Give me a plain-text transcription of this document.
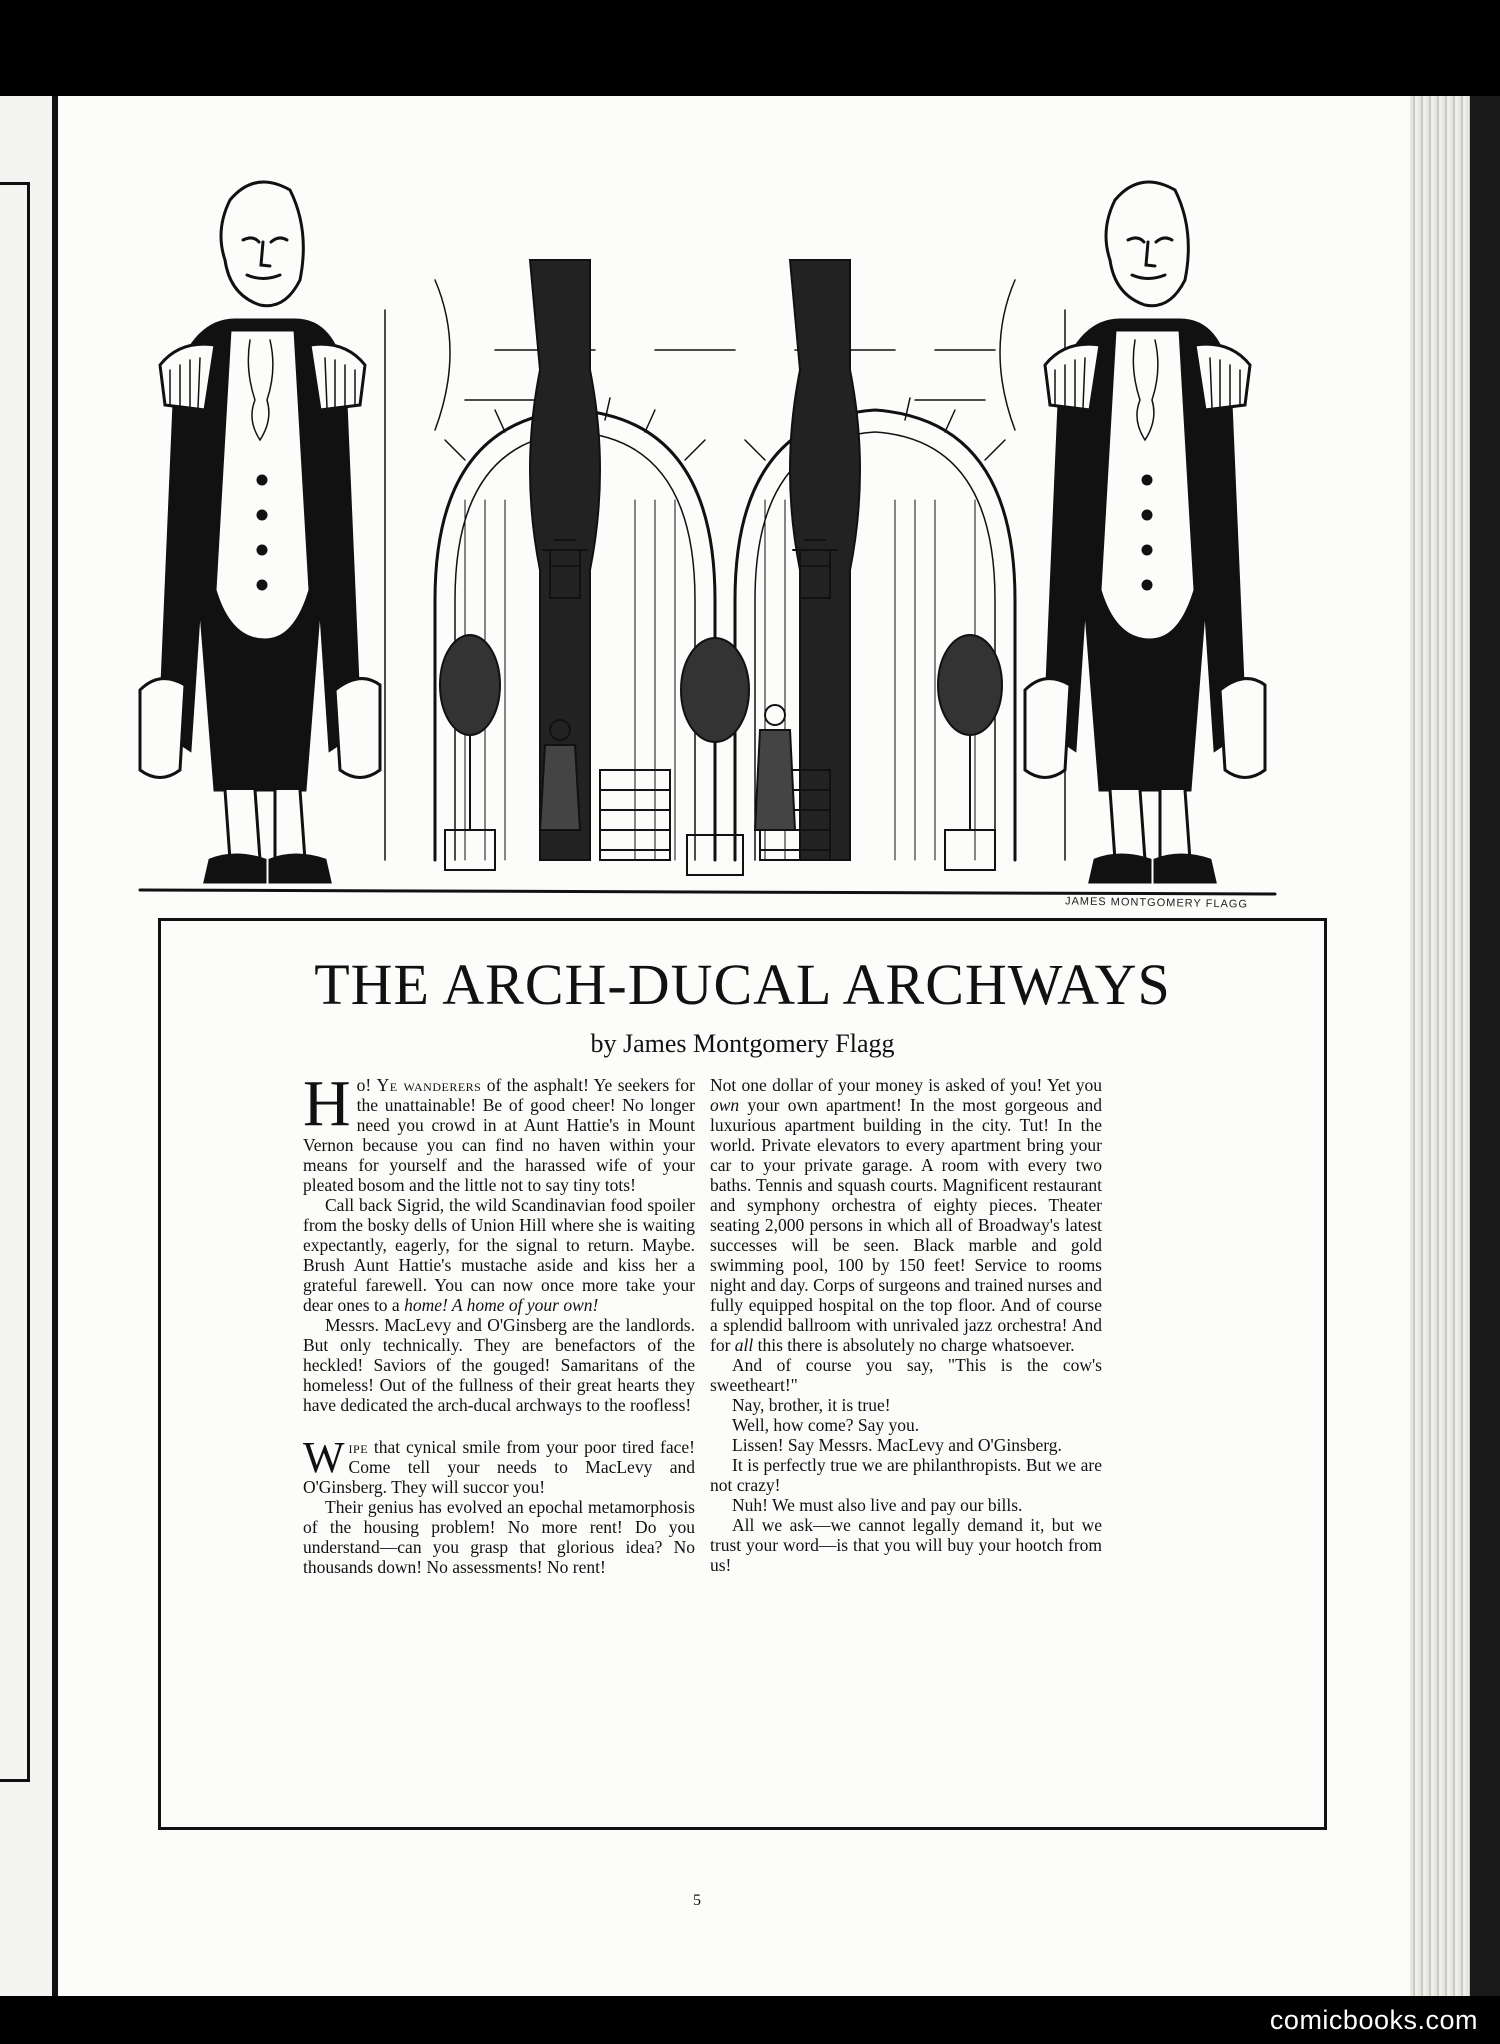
JAMES MONTGOMERY FLAGG
THE ARCH-DUCAL ARCHWAYS
by James Montgomery Flagg

Ho! Ye wanderers of the asphalt! Ye seekers for the unattainable! Be of good cheer! No longer need you crowd in at Aunt Hattie's in Mount Vernon because you can find no haven within your means for yourself and the harassed wife of your pleated bosom and the little not to say tiny tots!

Call back Sigrid, the wild Scandinavian food spoiler from the bosky dells of Union Hill where she is waiting expectantly, eagerly, for the signal to return. Maybe. Brush Aunt Hattie's mustache aside and kiss her a grateful farewell. You can now once more take your dear ones to a home! A home of your own!

Messrs. MacLevy and O'Ginsberg are the landlords. But only technically. They are benefactors of the heckled! Saviors of the gouged! Samaritans of the homeless! Out of the fullness of their great hearts they have dedicated the arch-ducal archways to the roofless!

Wipe that cynical smile from your poor tired face! Come tell your needs to MacLevy and O'Ginsberg. They will succor you!

Their genius has evolved an epochal metamorphosis of the housing problem! No more rent! Do you understand—can you grasp that glorious idea? No thousands down! No assessments! No rent!

Not one dollar of your money is asked of you! Yet you own your own apartment! In the most gorgeous and luxurious apartment building in the city. Tut! In the world. Private elevators to every apartment bring your car to your private garage. A room with every two baths. Tennis and squash courts. Magnificent restaurant and symphony orchestra of eighty pieces. Theater seating 2,000 persons in which all of Broadway's latest successes will be seen. Black marble and gold swimming pool, 100 by 150 feet! Service to rooms night and day. Corps of surgeons and trained nurses and fully equipped hospital on the top floor. And of course a splendid ballroom with unrivaled jazz orchestra! And for all this there is absolutely no charge whatsoever.

And of course you say, "This is the cow's sweetheart!"

Nay, brother, it is true!

Well, how come? Say you.

Lissen! Say Messrs. MacLevy and O'Ginsberg.

It is perfectly true we are philanthropists. But we are not crazy!

Nuh! We must also live and pay our bills.

All we ask—we cannot legally demand it, but we trust your word—is that you will buy your hootch from us!

5
comicbooks.com
